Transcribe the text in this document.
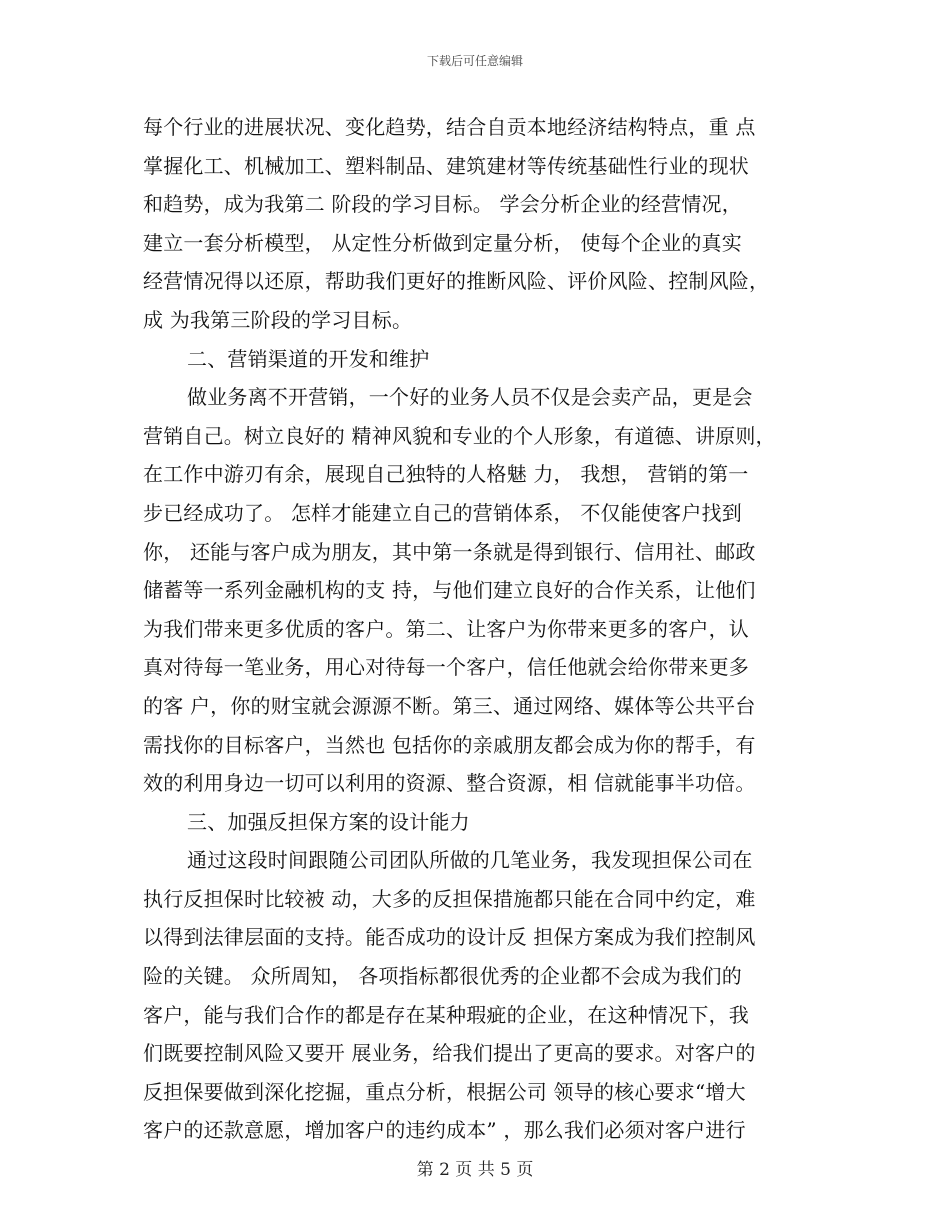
下载后可任意编辑
每个行业的进展状况、变化趋势，结合自贡本地经济结构特点，重 点
掌握化工、机械加工、塑料制品、建筑建材等传统基础性行业的现状
和趋势，成为我第二 阶段的学习目标。 学会分析企业的经营情况，
建立一套分析模型， 从定性分析做到定量分析， 使每个企业的真实
经营情况得以还原，帮助我们更好的推断风险、评价风险、控制风险，
成 为我第三阶段的学习目标。
二、营销渠道的开发和维护
做业务离不开营销，一个好的业务人员不仅是会卖产品，更是会
营销自己。树立良好的 精神风貌和专业的个人形象，有道德、讲原则，
在工作中游刃有余，展现自己独特的人格魅 力， 我想， 营销的第一
步已经成功了。 怎样才能建立自己的营销体系， 不仅能使客户找到
你， 还能与客户成为朋友，其中第一条就是得到银行、信用社、邮政
储蓄等一系列金融机构的支 持，与他们建立良好的合作关系，让他们
为我们带来更多优质的客户。第二、让客户为你带来更多的客户，认
真对待每一笔业务，用心对待每一个客户，信任他就会给你带来更多
的客 户，你的财宝就会源源不断。第三、通过网络、媒体等公共平台
需找你的目标客户，当然也 包括你的亲戚朋友都会成为你的帮手，有
效的利用身边一切可以利用的资源、整合资源，相 信就能事半功倍。
三、加强反担保方案的设计能力
通过这段时间跟随公司团队所做的几笔业务，我发现担保公司在
执行反担保时比较被 动，大多的反担保措施都只能在合同中约定，难
以得到法律层面的支持。能否成功的设计反 担保方案成为我们控制风
险的关键。 众所周知， 各项指标都很优秀的企业都不会成为我们的
客户，能与我们合作的都是存在某种瑕疵的企业，在这种情况下，我
们既要控制风险又要开 展业务，给我们提出了更高的要求。对客户的
反担保要做到深化挖掘，重点分析，根据公司 领导的核心要求“增大
客户的还款意愿，增加客户的违约成本” ，那么我们必须对客户进行
第 2 页 共 5 页
